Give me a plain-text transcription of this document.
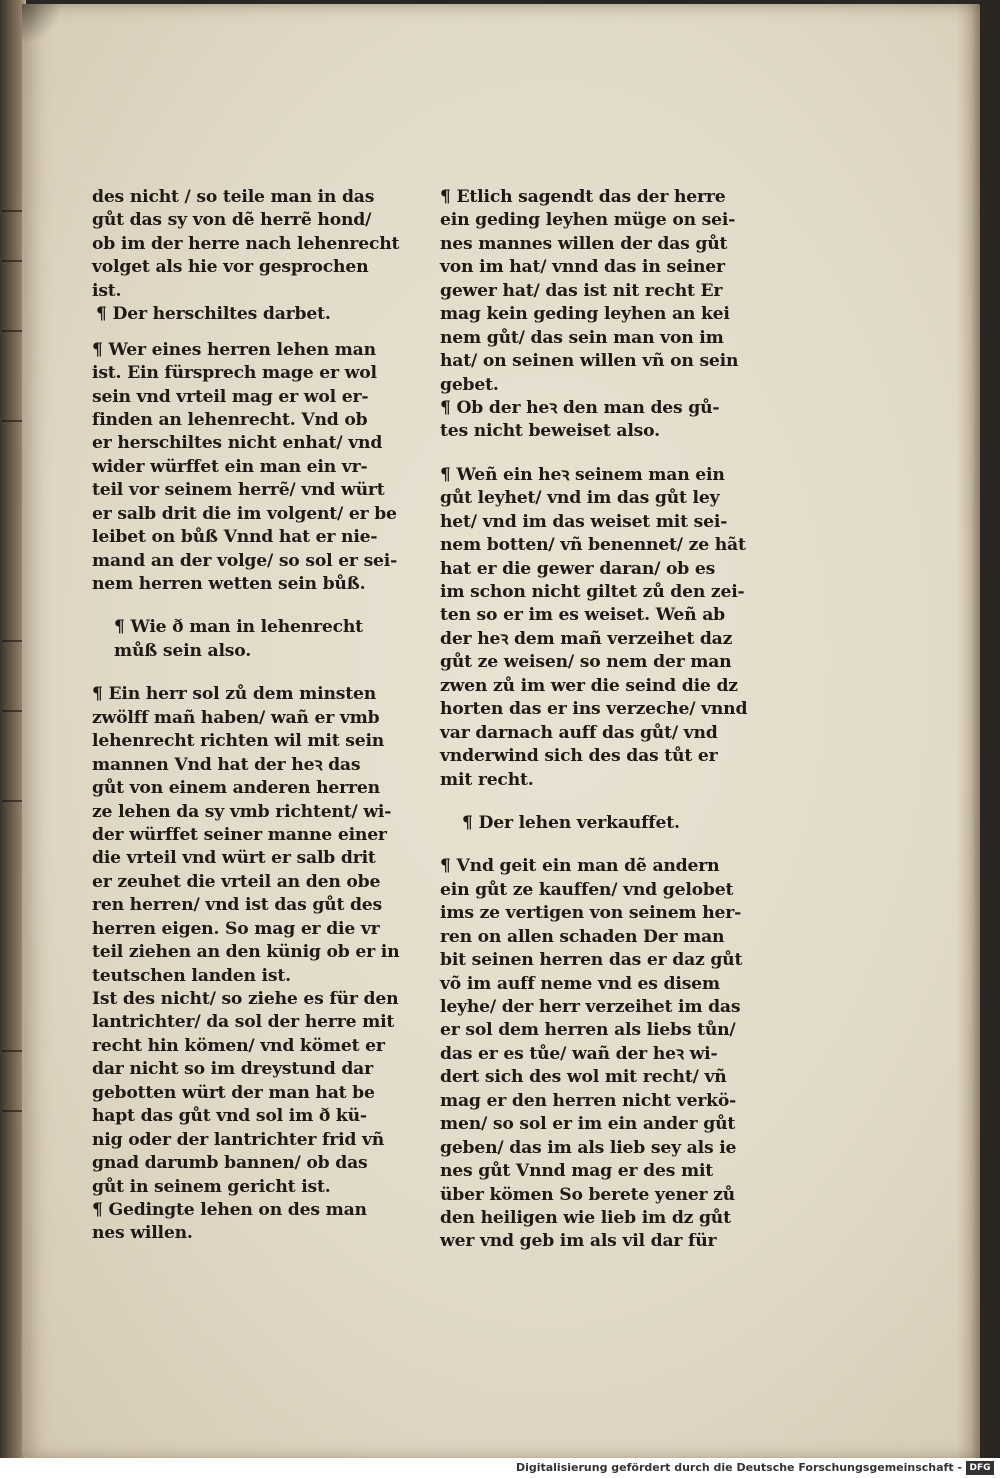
des nicht / so teile man in das
gůt das sy von dẽ herrẽ hond/
ob im der herre nach lehenrecht
volget als hie vor gesprochen
ist.
¶ Der herschiltes darbet.
¶ Wer eines herren lehen man
ist. Ein fürsprech mage er wol
sein vnd vrteil mag er wol er-
finden an lehenrecht. Vnd ob
er herschiltes nicht enhat/ vnd
wider würffet ein man ein vr-
teil vor seinem herrẽ/ vnd würt
er salb drit die im volgent/ er be
leibet on bůß Vnnd hat er nie-
mand an der volge/ so sol er sei-
nem herren wetten sein bůß.
¶ Wie ð man in lehenrecht
můß sein also.
¶ Ein herr sol zů dem minsten
zwölff mañ haben/ wañ er vmb
lehenrecht richten wil mit sein
mannen Vnd hat der heꝛ das
gůt von einem anderen herren
ze lehen da sy vmb richtent/ wi-
der würffet seiner manne einer
die vrteil vnd würt er salb drit
er zeuhet die vrteil an den obe
ren herren/ vnd ist das gůt des
herren eigen. So mag er die vr
teil ziehen an den künig ob er in
teutschen landen ist.
Ist des nicht/ so ziehe es für den
lantrichter/ da sol der herre mit
recht hin kömen/ vnd kömet er
dar nicht so im dreystund dar
gebotten würt der man hat be
hapt das gůt vnd sol im ð kü-
nig oder der lantrichter frid vñ
gnad darumb bannen/ ob das
gůt in seinem gericht ist.
¶ Gedingte lehen on des man
nes willen.
¶ Etlich sagendt das der herre
ein geding leyhen müge on sei-
nes mannes willen der das gůt
von im hat/ vnnd das in seiner
gewer hat/ das ist nit recht Er
mag kein geding leyhen an kei
nem gůt/ das sein man von im
hat/ on seinen willen vñ on sein
gebet.
¶ Ob der heꝛ den man des gů-
tes nicht beweiset also.
¶ Weñ ein heꝛ seinem man ein
gůt leyhet/ vnd im das gůt ley
het/ vnd im das weiset mit sei-
nem botten/ vñ benennet/ ze hãt
hat er die gewer daran/ ob es
im schon nicht giltet zů den zei-
ten so er im es weiset. Weñ ab
der heꝛ dem mañ verzeihet daz
gůt ze weisen/ so nem der man
zwen zů im wer die seind die dz
horten das er ins verzeche/ vnnd
var darnach auff das gůt/ vnd
vnderwind sich des das tůt er
mit recht.
¶ Der lehen verkauffet.
¶ Vnd geit ein man dẽ andern
ein gůt ze kauffen/ vnd gelobet
ims ze vertigen von seinem her-
ren on allen schaden Der man
bit seinen herren das er daz gůt
võ im auff neme vnd es disem
leyhe/ der herr verzeihet im das
er sol dem herren als liebs tůn/
das er es tůe/ wañ der heꝛ wi-
dert sich des wol mit recht/ vñ
mag er den herren nicht verkö-
men/ so sol er im ein ander gůt
geben/ das im als lieb sey als ie
nes gůt Vnnd mag er des mit
über kömen So berete yener zů
den heiligen wie lieb im dz gůt
wer vnd geb im als vil dar für
Digitalisierung gefördert durch die Deutsche Forschungsgemeinschaft - DFG
